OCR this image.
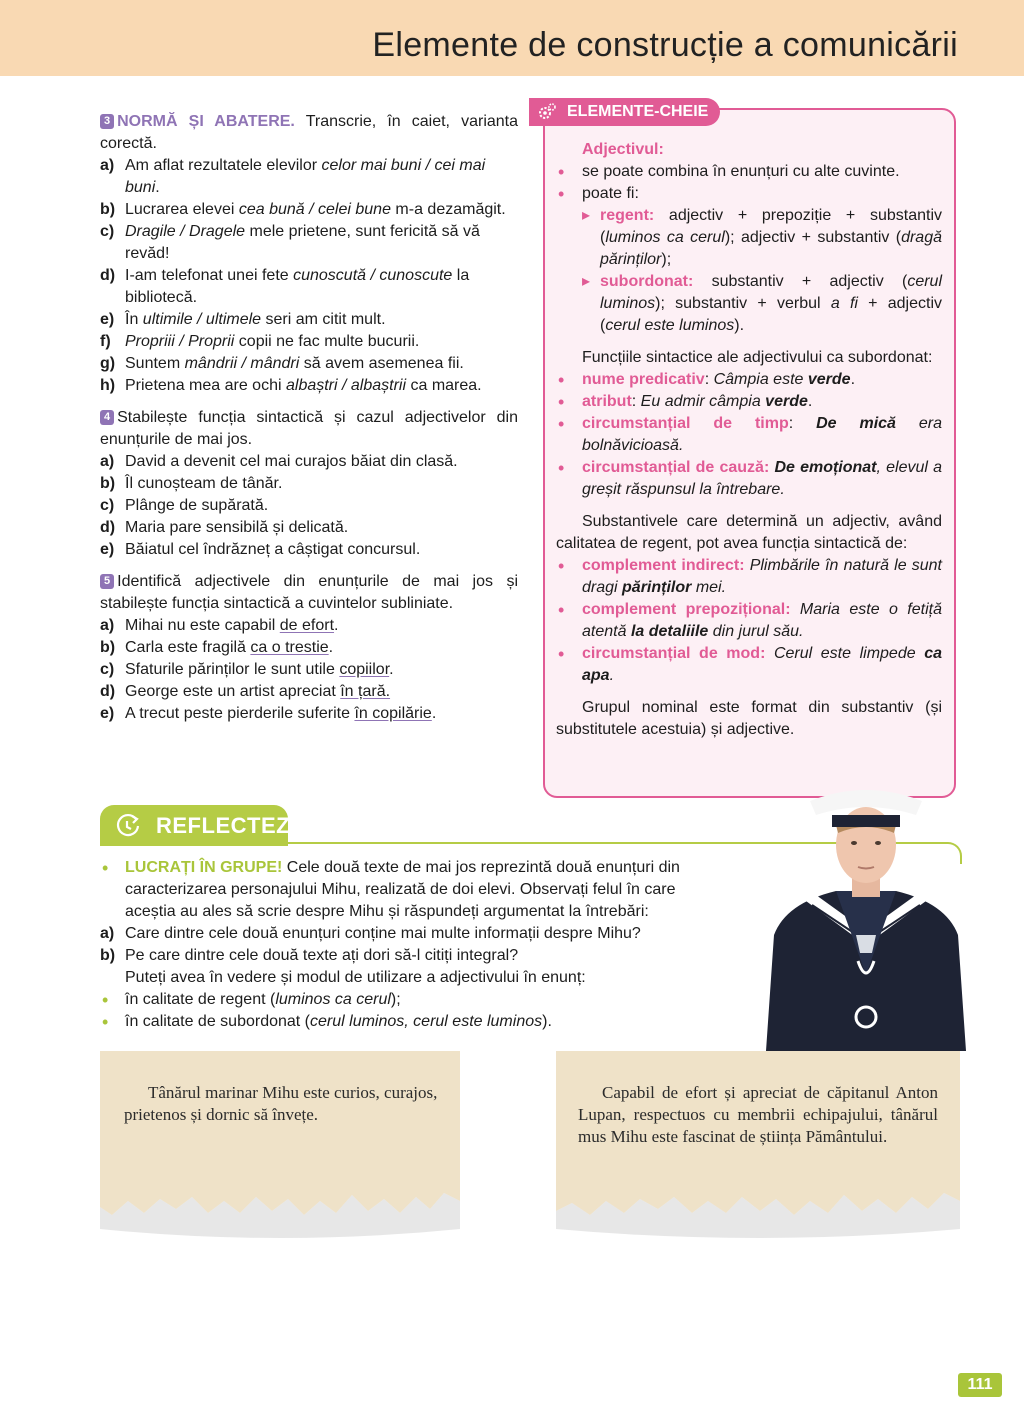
Elemente de construcție a comunicării
3 NORMĂ ȘI ABATERE. Transcrie, în caiet, varianta corectă.
a) Am aflat rezultatele elevilor celor mai buni / cei mai buni.
b) Lucrarea elevei cea bună / celei bune m-a dezamăgit.
c) Dragile / Dragele mele prietene, sunt fericită să vă revăd!
d) I-am telefonat unei fete cunoscută / cunoscute la bibliotecă.
e) În ultimile / ultimele seri am citit mult.
f) Propriii / Proprii copii ne fac multe bucurii.
g) Suntem mândrii / mândri să avem asemenea fii.
h) Prietena mea are ochi albaștri / albaștrii ca marea.
4 Stabilește funcția sintactică și cazul adjectivelor din enunțurile de mai jos.
a) David a devenit cel mai curajos băiat din clasă.
b) Îl cunoșteam de tânăr.
c) Plânge de supărată.
d) Maria pare sensibilă și delicată.
e) Băiatul cel îndrăzneț a câștigat concursul.
5 Identifică adjectivele din enunțurile de mai jos și stabilește funcția sintactică a cuvintelor subliniate.
a) Mihai nu este capabil de efort.
b) Carla este fragilă ca o trestie.
c) Sfaturile părinților le sunt utile copiilor.
d) George este un artist apreciat în țară.
e) A trecut peste pierderile suferite în copilărie.
ELEMENTE-CHEIE

Adjectivul:

• se poate combina în enunțuri cu alte cuvinte.
• poate fi:
▸ regent: adjectiv + prepoziție + substantiv (luminos ca cerul); adjectiv + substantiv (dragă părinților);
▸ subordonat: substantiv + adjectiv (cerul luminos); substantiv + verbul a fi + adjectiv (cerul este luminos).

Funcțiile sintactice ale adjectivului ca subordonat:

• nume predicativ: Câmpia este verde.
• atribut: Eu admir câmpia verde.
• circumstanțial de timp: De mică era bolnăvicioasă.
• circumstanțial de cauză: De emoționat, elevul a greșit răspunsul la întrebare.

Substantivele care determină un adjectiv, având calitatea de regent, pot avea funcția sintactică de:

• complement indirect: Plimbările în natură le sunt dragi părinților mei.
• complement prepozițional: Maria este o fetiță atentă la detaliile din jurul său.
• circumstanțial de mod: Cerul este limpede ca apa.

Grupul nominal este format din substantiv (și substitutele acestuia) și adjective.

REFLECTEZ
• LUCRAȚI ÎN GRUPE! Cele două texte de mai jos reprezintă două enunțuri din caracterizarea personajului Mihu, realizată de doi elevi. Observați felul în care aceștia au ales să scrie despre Mihu și răspundeți argumentat la întrebări:
a) Care dintre cele două enunțuri conține mai multe informații despre Mihu?
b) Pe care dintre cele două texte ați dori să-l citiți integral?
Puteți avea în vedere și modul de utilizare a adjectivului în enunț:
• în calitate de regent (luminos ca cerul);
• în calitate de subordonat (cerul luminos, cerul este luminos).
Tânărul marinar Mihu este curios, curajos, prietenos și dornic să învețe.
Capabil de efort și apreciat de căpitanul Anton Lupan, respectuos cu membrii echipajului, tânărul mus Mihu este fascinat de știința Pământului.
111
